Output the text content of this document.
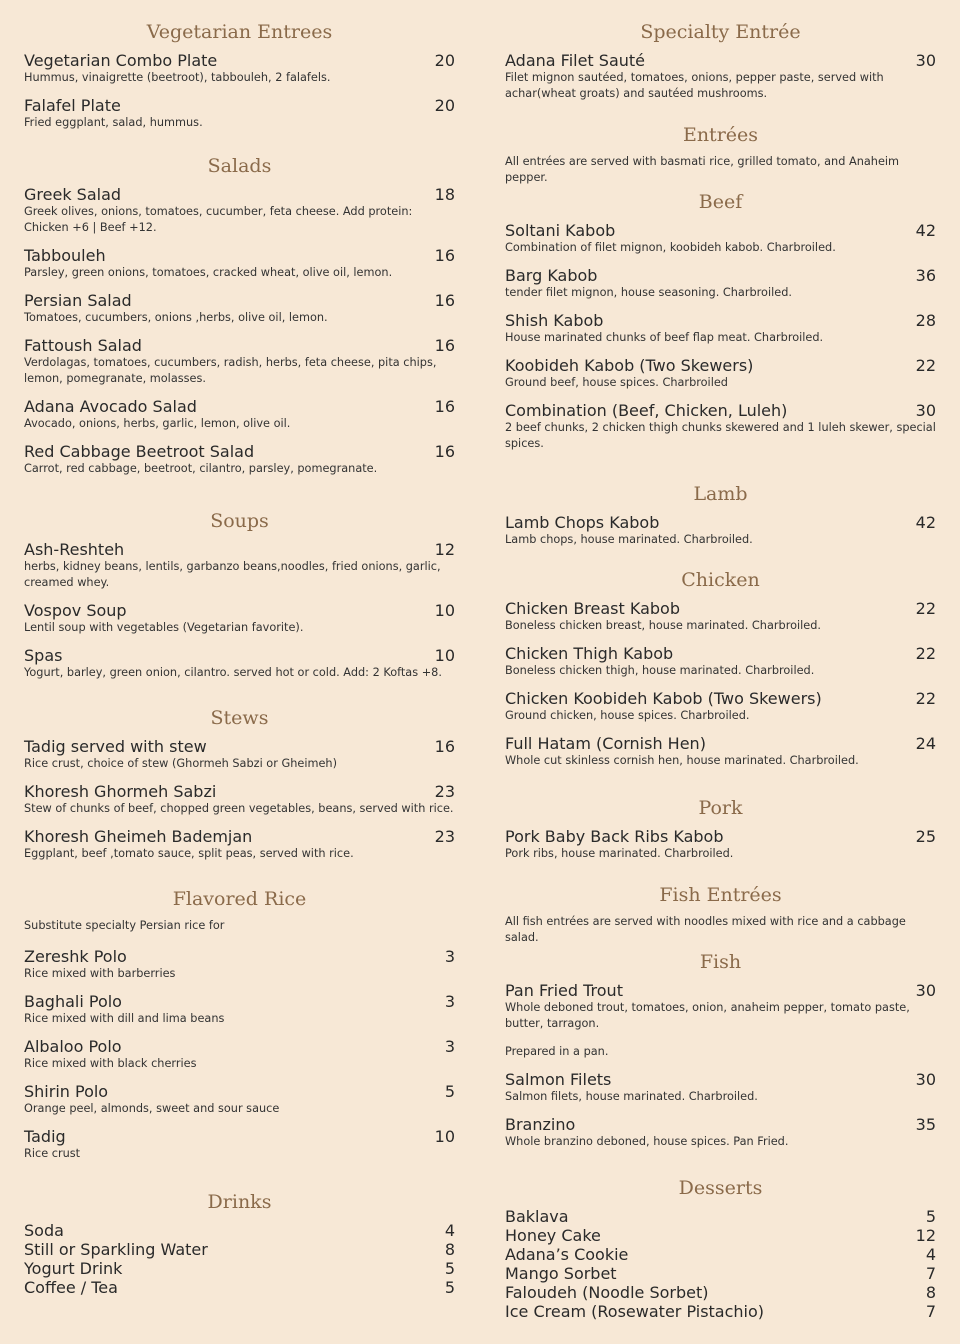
Vegetarian Entrees
Vegetarian Combo Plate	20
Hummus, vinaigrette (beetroot), tabbouleh, 2 falafels.
Falafel Plate	20
Fried eggplant, salad, hummus.
Salads
Greek Salad	18
Greek olives, onions, tomatoes, cucumber, feta cheese. Add protein: Chicken +6 | Beef +12.
Tabbouleh	16
Parsley, green onions, tomatoes, cracked wheat, olive oil, lemon.
Persian Salad	16
Tomatoes, cucumbers, onions ,herbs, olive oil, lemon.
Fattoush Salad	16
Verdolagas, tomatoes, cucumbers, radish, herbs, feta cheese, pita chips, lemon, pomegranate, molasses.
Adana Avocado Salad	16
Avocado, onions, herbs, garlic, lemon, olive oil.
Red Cabbage Beetroot Salad	16
Carrot, red cabbage, beetroot, cilantro, parsley, pomegranate.
Soups
Ash-Reshteh	12
herbs, kidney beans, lentils, garbanzo beans,noodles, fried onions, garlic, creamed whey.
Vospov Soup	10
Lentil soup with vegetables (Vegetarian favorite).
Spas	10
Yogurt, barley, green onion, cilantro. served hot or cold. Add: 2 Koftas +8.
Stews
Tadig served with stew	16
Rice crust, choice of stew (Ghormeh Sabzi or Gheimeh)
Khoresh Ghormeh Sabzi	23
Stew of chunks of beef, chopped green vegetables, beans, served with rice.
Khoresh Gheimeh Bademjan	23
Eggplant, beef ,tomato sauce, split peas, served with rice.
Flavored Rice
Substitute specialty Persian rice for
Zereshk Polo	3
Rice mixed with barberries
Baghali Polo	3
Rice mixed with dill and lima beans
Albaloo Polo	3
Rice mixed with black cherries
Shirin Polo	5
Orange peel, almonds, sweet and sour sauce
Tadig	10
Rice crust
Drinks
Soda	4
Still or Sparkling Water	8
Yogurt Drink	5
Coffee / Tea	5
Specialty Entrée
Adana Filet Sauté	30
Filet mignon sautéed, tomatoes, onions, pepper paste, served with achar(wheat groats) and sautéed mushrooms.
Entrées
All entrées are served with basmati rice, grilled tomato, and Anaheim pepper.
Beef
Soltani Kabob	42
Combination of filet mignon, koobideh kabob. Charbroiled.
Barg Kabob	36
tender filet mignon, house seasoning. Charbroiled.
Shish Kabob	28
House marinated chunks of beef flap meat. Charbroiled.
Koobideh Kabob (Two Skewers)	22
Ground beef, house spices. Charbroiled
Combination (Beef, Chicken, Luleh)	30
2 beef chunks, 2 chicken thigh chunks skewered and 1 luleh skewer, special spices.
Lamb
Lamb Chops Kabob	42
Lamb chops, house marinated. Charbroiled.
Chicken
Chicken Breast Kabob	22
Boneless chicken breast, house marinated. Charbroiled.
Chicken Thigh Kabob	22
Boneless chicken thigh, house marinated. Charbroiled.
Chicken Koobideh Kabob (Two Skewers)	22
Ground chicken, house spices. Charbroiled.
Full Hatam (Cornish Hen)	24
Whole cut skinless cornish hen, house marinated. Charbroiled.
Pork
Pork Baby Back Ribs Kabob	25
Pork ribs, house marinated. Charbroiled.
Fish Entrées
All fish entrées are served with noodles mixed with rice and a cabbage salad.
Fish
Pan Fried Trout	30
Whole deboned trout, tomatoes, onion, anaheim pepper, tomato paste, butter, tarragon.
Prepared in a pan.
Salmon Filets	30
Salmon filets, house marinated. Charbroiled.
Branzino	35
Whole branzino deboned, house spices. Pan Fried.
Desserts
Baklava	5
Honey Cake	12
Adana’s Cookie	4
Mango Sorbet	7
Faloudeh (Noodle Sorbet)	8
Ice Cream (Rosewater Pistachio)	7
